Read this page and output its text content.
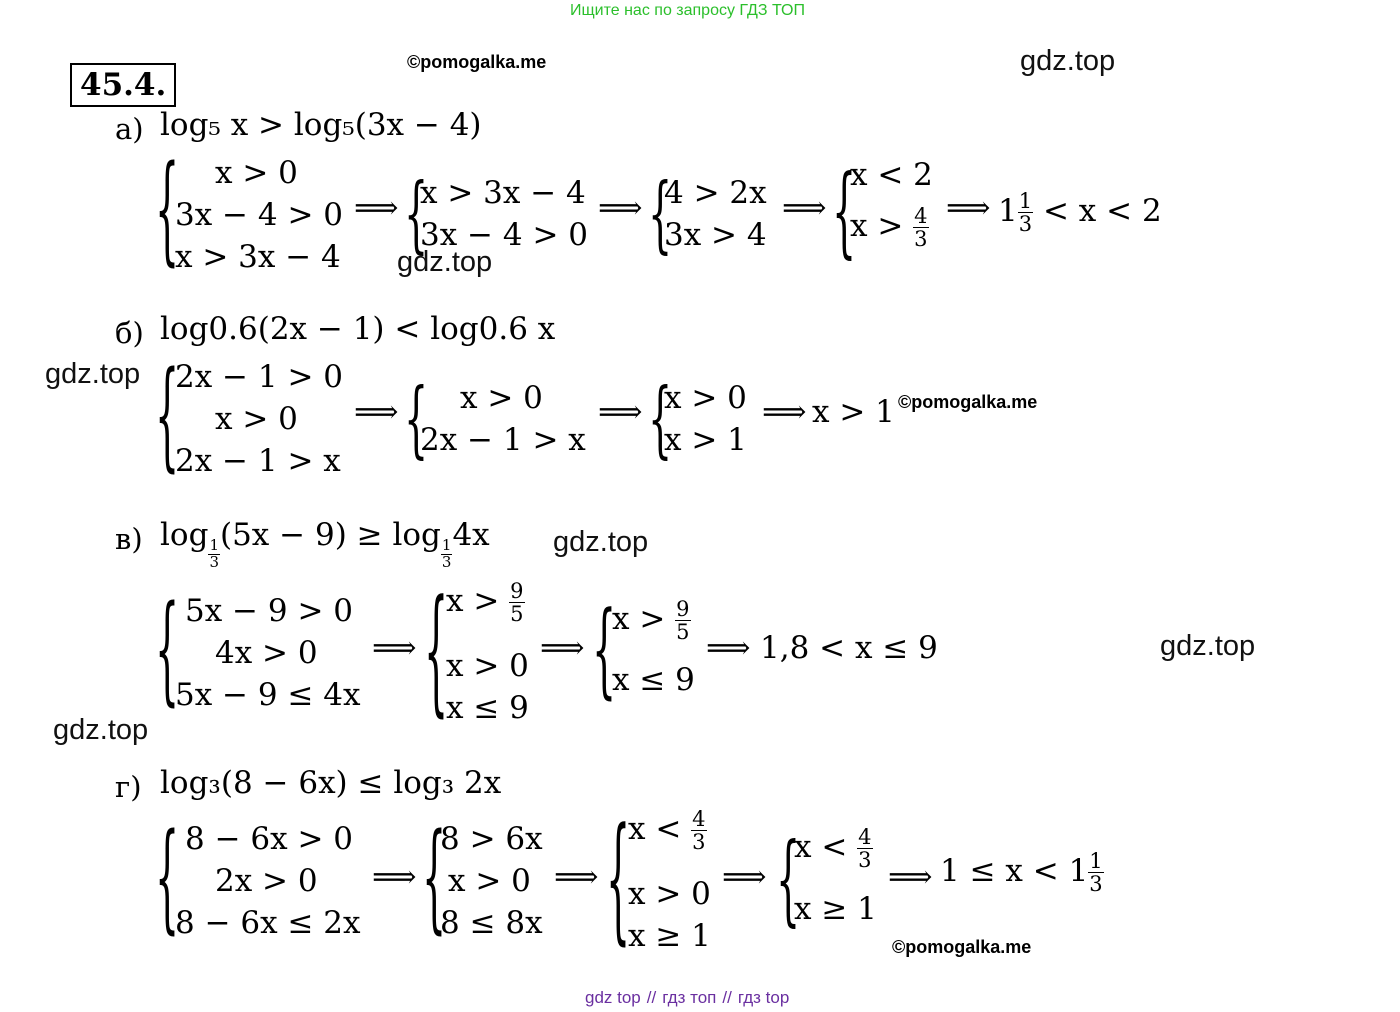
Ищите нас по запросу ГДЗ ТОП
45.4.
©pomogalka.me	gdz.top
gdz.top
gdz.top
©pomogalka.me
gdz.top
gdz.top
gdz.top
©pomogalka.me
а) log₅ x > log₅(3x − 4)
{	x > 0
3x − 4 > 0
x > 3x − 4
⟹ {
x > 3x − 4
3x − 4 > 0
⟹ {
4 > 2x
3x > 4
⟹ {
x < 2
$x > \frac{4}{3}$ ⟹ $1 \frac{1}{3} < x < 2$
б) log0.6(2x − 1) < log0.6 x
{
2x − 1 > 0
x > 0
2x − 1 > x
⟹ {	x > 0
2x − 1 > x
⟹ {
x > 0
x > 1
⟹ x > 1
в) log
$\frac{1}{3}$
(5x − 9) ≥ log
$\frac{1}{3}$
4x
{ 5x − 9 > 0
4x > 0
5x − 9 ≤ 4x
⟹ {
$x > \frac{9}{5}$
x > 0
x ≤ 9
⟹ {
$x > \frac{9}{5}$
x ≤ 9
⟹ 1,8 < x ≤ 9
г) log₃(8 − 6x) ≤ log₃ 2x
{ 8 − 6x > 0
2x > 0
8 − 6x ≤ 2x
⟹ {
8 > 6x
x > 0
8 ≤ 8x
⟹ {
$x < \frac{4}{3}$
x > 0
x ≥ 1
⟹ {
$x < \frac{4}{3}$
x ≥ 1
⟹ $1 \le x < 1 \frac{1}{3}$
gdz top // гдз топ // гдз top
